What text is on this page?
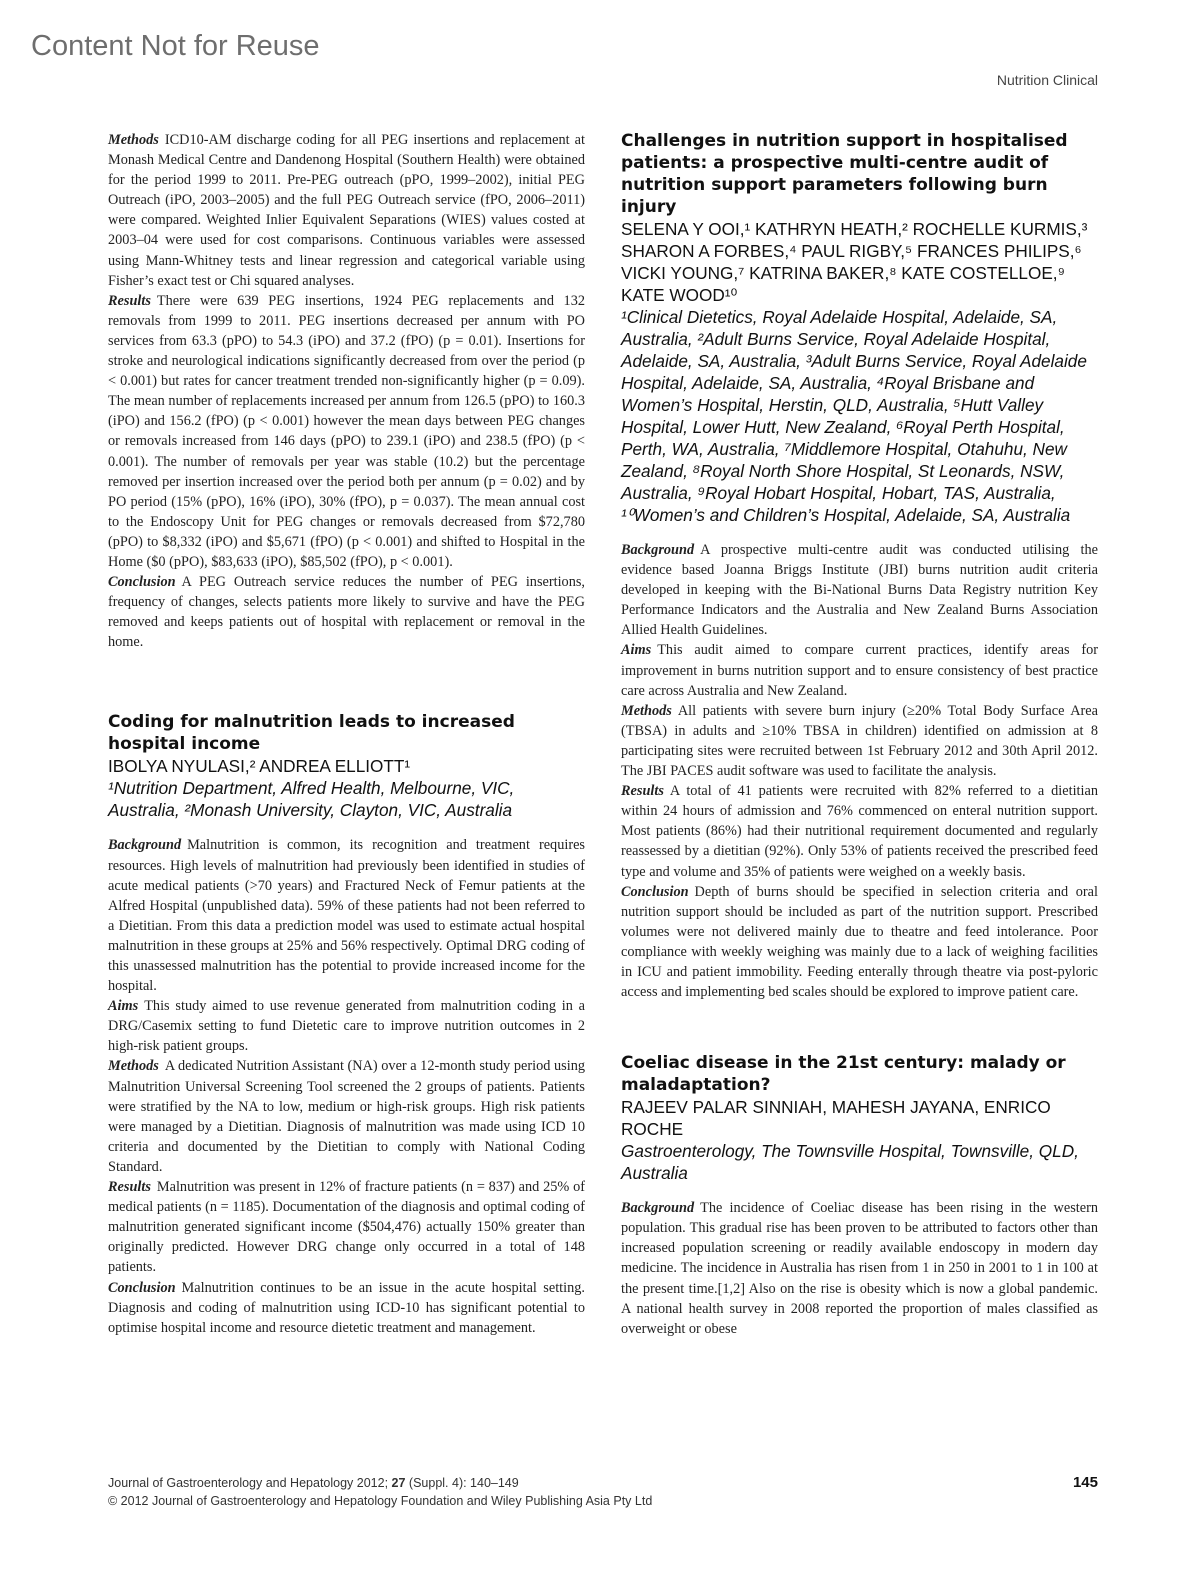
Content Not for Reuse
Nutrition Clinical

Methods ICD10-AM discharge coding for all PEG insertions and replacement at Monash Medical Centre and Dandenong Hospital (Southern Health) were obtained for the period 1999 to 2011. Pre-PEG outreach (pPO, 1999–2002), initial PEG Outreach (iPO, 2003–2005) and the full PEG Outreach service (fPO, 2006–2011) were compared. Weighted Inlier Equivalent Separations (WIES) values costed at 2003–04 were used for cost comparisons. Continuous variables were assessed using Mann-Whitney tests and linear regression and categorical variable using Fisher’s exact test or Chi squared analyses.

Results There were 639 PEG insertions, 1924 PEG replacements and 132 removals from 1999 to 2011. PEG insertions decreased per annum with PO services from 63.3 (pPO) to 54.3 (iPO) and 37.2 (fPO) (p = 0.01). Insertions for stroke and neurological indications significantly decreased from over the period (p < 0.001) but rates for cancer treatment trended non-significantly higher (p = 0.09). The mean number of replacements increased per annum from 126.5 (pPO) to 160.3 (iPO) and 156.2 (fPO) (p < 0.001) however the mean days between PEG changes or removals increased from 146 days (pPO) to 239.1 (iPO) and 238.5 (fPO) (p < 0.001). The number of removals per year was stable (10.2) but the percentage removed per insertion increased over the period both per annum (p = 0.02) and by PO period (15% (pPO), 16% (iPO), 30% (fPO), p = 0.037). The mean annual cost to the Endoscopy Unit for PEG changes or removals decreased from $72,780 (pPO) to $8,332 (iPO) and $5,671 (fPO) (p < 0.001) and shifted to Hospital in the Home ($0 (pPO), $83,633 (iPO), $85,502 (fPO), p < 0.001).

Conclusion A PEG Outreach service reduces the number of PEG insertions, frequency of changes, selects patients more likely to survive and have the PEG removed and keeps patients out of hospital with replacement or removal in the home.

Coding for malnutrition leads to increased hospital income
IBOLYA NYULASI,² ANDREA ELLIOTT¹
¹Nutrition Department, Alfred Health, Melbourne, VIC, Australia, ²Monash University, Clayton, VIC, Australia

Background Malnutrition is common, its recognition and treatment requires resources. High levels of malnutrition had previously been identified in studies of acute medical patients (>70 years) and Fractured Neck of Femur patients at the Alfred Hospital (unpublished data). 59% of these patients had not been referred to a Dietitian. From this data a prediction model was used to estimate actual hospital malnutrition in these groups at 25% and 56% respectively. Optimal DRG coding of this unassessed malnutrition has the potential to provide increased income for the hospital.

Aims This study aimed to use revenue generated from malnutrition coding in a DRG/Casemix setting to fund Dietetic care to improve nutrition outcomes in 2 high-risk patient groups.

Methods A dedicated Nutrition Assistant (NA) over a 12-month study period using Malnutrition Universal Screening Tool screened the 2 groups of patients. Patients were stratified by the NA to low, medium or high-risk groups. High risk patients were managed by a Dietitian. Diagnosis of malnutrition was made using ICD 10 criteria and documented by the Dietitian to comply with National Coding Standard.

Results Malnutrition was present in 12% of fracture patients (n = 837) and 25% of medical patients (n = 1185). Documentation of the diagnosis and optimal coding of malnutrition generated significant income ($504,476) actually 150% greater than originally predicted. However DRG change only occurred in a total of 148 patients.

Conclusion Malnutrition continues to be an issue in the acute hospital setting. Diagnosis and coding of malnutrition using ICD-10 has significant potential to optimise hospital income and resource dietetic treatment and management.

Challenges in nutrition support in hospitalised patients: a prospective multi-centre audit of nutrition support parameters following burn injury
SELENA Y OOI,¹ KATHRYN HEATH,² ROCHELLE KURMIS,³ SHARON A FORBES,⁴ PAUL RIGBY,⁵ FRANCES PHILIPS,⁶ VICKI YOUNG,⁷ KATRINA BAKER,⁸ KATE COSTELLOE,⁹ KATE WOOD¹⁰
¹Clinical Dietetics, Royal Adelaide Hospital, Adelaide, SA, Australia, ²Adult Burns Service, Royal Adelaide Hospital, Adelaide, SA, Australia, ³Adult Burns Service, Royal Adelaide Hospital, Adelaide, SA, Australia, ⁴Royal Brisbane and Women’s Hospital, Herstin, QLD, Australia, ⁵Hutt Valley Hospital, Lower Hutt, New Zealand, ⁶Royal Perth Hospital, Perth, WA, Australia, ⁷Middlemore Hospital, Otahuhu, New Zealand, ⁸Royal North Shore Hospital, St Leonards, NSW, Australia, ⁹Royal Hobart Hospital, Hobart, TAS, Australia, ¹⁰Women’s and Children’s Hospital, Adelaide, SA, Australia

Background A prospective multi-centre audit was conducted utilising the evidence based Joanna Briggs Institute (JBI) burns nutrition audit criteria developed in keeping with the Bi-National Burns Data Registry nutrition Key Performance Indicators and the Australia and New Zealand Burns Association Allied Health Guidelines.

Aims This audit aimed to compare current practices, identify areas for improvement in burns nutrition support and to ensure consistency of best practice care across Australia and New Zealand.

Methods All patients with severe burn injury (≥20% Total Body Surface Area (TBSA) in adults and ≥10% TBSA in children) identified on admission at 8 participating sites were recruited between 1st February 2012 and 30th April 2012. The JBI PACES audit software was used to facilitate the analysis.

Results A total of 41 patients were recruited with 82% referred to a dietitian within 24 hours of admission and 76% commenced on enteral nutrition support. Most patients (86%) had their nutritional requirement documented and regularly reassessed by a dietitian (92%). Only 53% of patients received the prescribed feed type and volume and 35% of patients were weighed on a weekly basis.

Conclusion Depth of burns should be specified in selection criteria and oral nutrition support should be included as part of the nutrition support. Prescribed volumes were not delivered mainly due to theatre and feed intolerance. Poor compliance with weekly weighing was mainly due to a lack of weighing facilities in ICU and patient immobility. Feeding enterally through theatre via post-pyloric access and implementing bed scales should be explored to improve patient care.

Coeliac disease in the 21st century: malady or maladaptation?
RAJEEV PALAR SINNIAH, MAHESH JAYANA, ENRICO ROCHE
Gastroenterology, The Townsville Hospital, Townsville, QLD, Australia

Background The incidence of Coeliac disease has been rising in the western population. This gradual rise has been proven to be attributed to factors other than increased population screening or readily available endoscopy in modern day medicine. The incidence in Australia has risen from 1 in 250 in 2001 to 1 in 100 at the present time.[1,2] Also on the rise is obesity which is now a global pandemic. A national health survey in 2008 reported the proportion of males classified as overweight or obese

Journal of Gastroenterology and Hepatology 2012; 27 (Suppl. 4): 140–149
© 2012 Journal of Gastroenterology and Hepatology Foundation and Wiley Publishing Asia Pty Ltd
145
